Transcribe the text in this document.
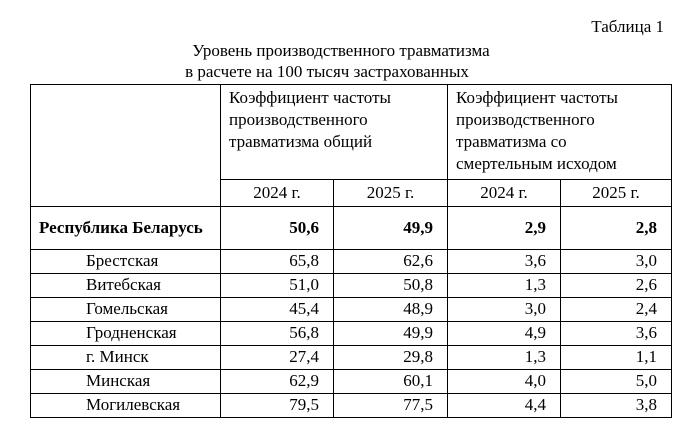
Таблица 1
Уровень производственного травматизма
в расчете на 100 тысяч застрахованных
	Коэффициент частоты производственного травматизма общий		Коэффициент частоты производственного травматизма со смертельным исходом	
	2024 г.	2025 г.	2024 г.	2025 г.
Республика Беларусь	50,6	49,9	2,9	2,8
Брестская	65,8	62,6	3,6	3,0
Витебская	51,0	50,8	1,3	2,6
Гомельская	45,4	48,9	3,0	2,4
Гродненская	56,8	49,9	4,9	3,6
г. Минск	27,4	29,8	1,3	1,1
Минская	62,9	60,1	4,0	5,0
Могилевская	79,5	77,5	4,4	3,8
